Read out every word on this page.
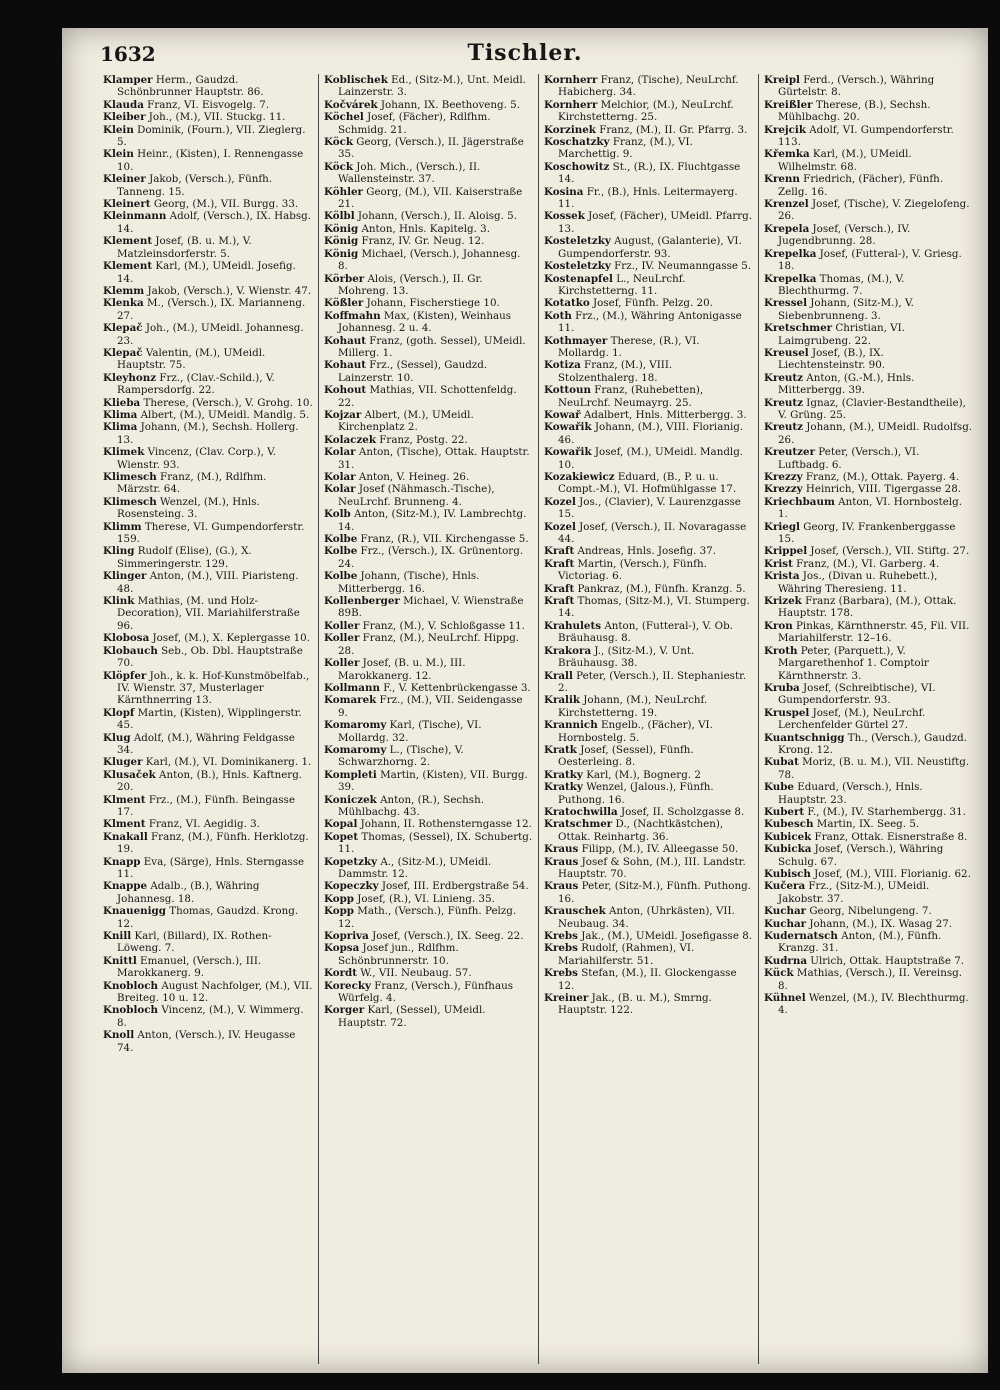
1632	Tischler.

Klamper Herm., Gaudzd. Schönbrunner Hauptstr. 86.

Klauda Franz, VI. Eisvogelg. 7.

Kleiber Joh., (M.), VII. Stuckg. 11.

Klein Dominik, (Fourn.), VII. Zieglerg. 5.

Klein Heinr., (Kisten), I. Rennengasse 10.

Kleiner Jakob, (Versch.), Fünfh. Tanneng. 15.

Kleinert Georg, (M.), VII. Burgg. 33.

Kleinmann Adolf, (Versch.), IX. Habsg. 14.

Klement Josef, (B. u. M.), V. Matzleinsdorferstr. 5.

Klement Karl, (M.), UMeidl. Josefig. 14.

Klemm Jakob, (Versch.), V. Wienstr. 47.

Klenka M., (Versch.), IX. Marianneng. 27.

Klepač Joh., (M.), UMeidl. Johannesg. 23.

Klepač Valentin, (M.), UMeidl. Hauptstr. 75.

Kleyhonz Frz., (Clav.-Schild.), V. Rampersdorfg. 22.

Klieba Therese, (Versch.), V. Grohg. 10.

Klima Albert, (M.), UMeidl. Mandlg. 5.

Klima Johann, (M.), Sechsh. Hollerg. 13.

Klimek Vincenz, (Clav. Corp.), V. Wienstr. 93.

Klimesch Franz, (M.), Rdlfhm. Märzstr. 64.

Klimesch Wenzel, (M.), Hnls. Rosensteing. 3.

Klimm Therese, VI. Gumpendorferstr. 159.

Kling Rudolf (Elise), (G.), X. Simmeringerstr. 129.

Klinger Anton, (M.), VIII. Piaristeng. 48.

Klink Mathias, (M. und Holz-Decoration), VII. Mariahilferstraße 96.

Klobosa Josef, (M.), X. Keplergasse 10.

Klobauch Seb., Ob. Dbl. Hauptstraße 70.

Klöpfer Joh., k. k. Hof-Kunstmöbelfab., IV. Wienstr. 37, Musterlager Kärnthnerring 13.

Klopf Martin, (Kisten), Wipplingerstr. 45.

Klug Adolf, (M.), Währing Feldgasse 34.

Kluger Karl, (M.), VI. Dominikanerg. 1.

Klusaček Anton, (B.), Hnls. Kaftnerg. 20.

Klment Frz., (M.), Fünfh. Beingasse 17.

Klment Franz, VI. Aegidig. 3.

Knakall Franz, (M.), Fünfh. Herklotzg. 19.

Knapp Eva, (Särge), Hnls. Sterngasse 11.

Knappe Adalb., (B.), Währing Johannesg. 18.

Knauenigg Thomas, Gaudzd. Krong. 12.

Knill Karl, (Billard), IX. Rothen-Löweng. 7.

Knittl Emanuel, (Versch.), III. Marokkanerg. 9.

Knobloch August Nachfolger, (M.), VII. Breiteg. 10 u. 12.

Knobloch Vincenz, (M.), V. Wimmerg. 8.

Knoll Anton, (Versch.), IV. Heugasse 74.

Koblischek Ed., (Sitz-M.), Unt. Meidl. Lainzerstr. 3.

Kočvárek Johann, IX. Beethoveng. 5.

Köchel Josef, (Fächer), Rdlfhm. Schmidg. 21.

Köck Georg, (Versch.), II. Jägerstraße 35.

Köck Joh. Mich., (Versch.), II. Wallensteinstr. 37.

Köhler Georg, (M.), VII. Kaiserstraße 21.

Kölbl Johann, (Versch.), II. Aloisg. 5.

König Anton, Hnls. Kapitelg. 3.

König Franz, IV. Gr. Neug. 12.

König Michael, (Versch.), Johannesg. 8.

Körber Alois, (Versch.), II. Gr. Mohreng. 13.

Kößler Johann, Fischerstiege 10.

Koffmahn Max, (Kisten), Weinhaus Johannesg. 2 u. 4.

Kohaut Franz, (goth. Sessel), UMeidl. Millerg. 1.

Kohaut Frz., (Sessel), Gaudzd. Lainzerstr. 10.

Kohout Mathias, VII. Schottenfeldg. 22.

Kojzar Albert, (M.), UMeidl. Kirchenplatz 2.

Kolaczek Franz, Postg. 22.

Kolar Anton, (Tische), Ottak. Hauptstr. 31.

Kolar Anton, V. Heineg. 26.

Kolar Josef (Nähmasch.-Tische), NeuLrchf. Brunneng. 4.

Kolb Anton, (Sitz-M.), IV. Lambrechtg. 14.

Kolbe Franz, (R.), VII. Kirchengasse 5.

Kolbe Frz., (Versch.), IX. Grünentorg. 24.

Kolbe Johann, (Tische), Hnls. Mitterbergg. 16.

Kollenberger Michael, V. Wienstraße 89B.

Koller Franz, (M.), V. Schloßgasse 11.

Koller Franz, (M.), NeuLrchf. Hippg. 28.

Koller Josef, (B. u. M.), III. Marokkanerg. 12.

Kollmann F., V. Kettenbrückengasse 3.

Komarek Frz., (M.), VII. Seidengasse 9.

Komaromy Karl, (Tische), VI. Mollardg. 32.

Komaromy L., (Tische), V. Schwarzhorng. 2.

Kompleti Martin, (Kisten), VII. Burgg. 39.

Koniczek Anton, (R.), Sechsh. Mühlbachg. 43.

Kopal Johann, II. Rothensterngasse 12.

Kopet Thomas, (Sessel), IX. Schubertg. 11.

Kopetzky A., (Sitz-M.), UMeidl. Dammstr. 12.

Kopeczky Josef, III. Erdbergstraße 54.

Kopp Josef, (R.), VI. Linieng. 35.

Kopp Math., (Versch.), Fünfh. Pelzg. 12.

Kopriva Josef, (Versch.), IX. Seeg. 22.

Kopsa Josef jun., Rdlfhm. Schönbrunnerstr. 10.

Kordt W., VII. Neubaug. 57.

Korecky Franz, (Versch.), Fünfhaus Würfelg. 4.

Korger Karl, (Sessel), UMeidl. Hauptstr. 72.

Kornherr Franz, (Tische), NeuLrchf. Habicherg. 34.

Kornherr Melchior, (M.), NeuLrchf. Kirchstetterng. 25.

Korzinek Franz, (M.), II. Gr. Pfarrg. 3.

Koschatzky Franz, (M.), VI. Marchettig. 9.

Koschowitz St., (R.), IX. Fluchtgasse 14.

Kosina Fr., (B.), Hnls. Leitermayerg. 11.

Kossek Josef, (Fächer), UMeidl. Pfarrg. 13.

Kosteletzky August, (Galanterie), VI. Gumpendorferstr. 93.

Kosteletzky Frz., IV. Neumanngasse 5.

Kostenapfel L., NeuLrchf. Kirchstetterng. 11.

Kotatko Josef, Fünfh. Pelzg. 20.

Koth Frz., (M.), Währing Antonigasse 11.

Kothmayer Therese, (R.), VI. Mollardg. 1.

Kotiza Franz, (M.), VIII. Stolzenthalerg. 18.

Kottoun Franz, (Ruhebetten), NeuLrchf. Neumayrg. 25.

Kowař Adalbert, Hnls. Mitterbergg. 3.

Kowařik Johann, (M.), VIII. Florianig. 46.

Kowařik Josef, (M.), UMeidl. Mandlg. 10.

Kozakiewicz Eduard, (B., P. u. u. Compt.-M.), VI. Hofmühlgasse 17.

Kozel Jos., (Clavier), V. Laurenzgasse 15.

Kozel Josef, (Versch.), II. Novaragasse 44.

Kraft Andreas, Hnls. Josefig. 37.

Kraft Martin, (Versch.), Fünfh. Victoriag. 6.

Kraft Pankraz, (M.), Fünfh. Kranzg. 5.

Kraft Thomas, (Sitz-M.), VI. Stumperg. 14.

Krahulets Anton, (Futteral-), V. Ob. Bräuhausg. 8.

Krakora J., (Sitz-M.), V. Unt. Bräuhausg. 38.

Krall Peter, (Versch.), II. Stephaniestr. 2.

Kralik Johann, (M.), NeuLrchf. Kirchstetterng. 19.

Krannich Engelb., (Fächer), VI. Hornbostelg. 5.

Kratk Josef, (Sessel), Fünfh. Oesterleing. 8.

Kratky Karl, (M.), Bognerg. 2

Kratky Wenzel, (Jalous.), Fünfh. Puthong. 16.

Kratochwilla Josef, II. Scholzgasse 8.

Kratschmer D., (Nachtkästchen), Ottak. Reinhartg. 36.

Kraus Filipp, (M.), IV. Alleegasse 50.

Kraus Josef & Sohn, (M.), III. Landstr. Hauptstr. 70.

Kraus Peter, (Sitz-M.), Fünfh. Puthong. 16.

Krauschek Anton, (Uhrkästen), VII. Neubaug. 34.

Krebs Jak., (M.), UMeidl. Josefigasse 8.

Krebs Rudolf, (Rahmen), VI. Mariahilferstr. 51.

Krebs Stefan, (M.), II. Glockengasse 12.

Kreiner Jak., (B. u. M.), Smrng. Hauptstr. 122.

Kreipl Ferd., (Versch.), Währing Gürtelstr. 8.

Kreißler Therese, (B.), Sechsh. Mühlbachg. 20.

Krejcik Adolf, VI. Gumpendorferstr. 113.

Křemka Karl, (M.), UMeidl. Wilhelmstr. 68.

Krenn Friedrich, (Fächer), Fünfh. Zellg. 16.

Krenzel Josef, (Tische), V. Ziegelofeng. 26.

Krepela Josef, (Versch.), IV. Jugendbrunng. 28.

Krepelka Josef, (Futteral-), V. Griesg. 18.

Krepelka Thomas, (M.), V. Blechthurmg. 7.

Kressel Johann, (Sitz-M.), V. Siebenbrunneng. 3.

Kretschmer Christian, VI. Laimgrubeng. 22.

Kreusel Josef, (B.), IX. Liechtensteinstr. 90.

Kreutz Anton, (G.-M.), Hnls. Mitterbergg. 39.

Kreutz Ignaz, (Clavier-Bestandtheile), V. Grüng. 25.

Kreutz Johann, (M.), UMeidl. Rudolfsg. 26.

Kreutzer Peter, (Versch.), VI. Luftbadg. 6.

Krezzy Franz, (M.), Ottak. Payerg. 4.

Krezzy Heinrich, VIII. Tigergasse 28.

Kriechbaum Anton, VI. Hornbostelg. 1.

Kriegl Georg, IV. Frankenberggasse 15.

Krippel Josef, (Versch.), VII. Stiftg. 27.

Krist Franz, (M.), VI. Garberg. 4.

Krista Jos., (Divan u. Ruhebett.), Währing Theresieng. 11.

Krizek Franz (Barbara), (M.), Ottak. Hauptstr. 178.

Kron Pinkas, Kärnthnerstr. 45, Fil. VII. Mariahilferstr. 12–16.

Kroth Peter, (Parquett.), V. Margarethenhof 1. Comptoir Kärnthnerstr. 3.

Kruba Josef, (Schreibtische), VI. Gumpendorferstr. 93.

Kruspel Josef, (M.), NeuLrchf. Lerchenfelder Gürtel 27.

Kuantschnigg Th., (Versch.), Gaudzd. Krong. 12.

Kubat Moriz, (B. u. M.), VII. Neustiftg. 78.

Kube Eduard, (Versch.), Hnls. Hauptstr. 23.

Kubert F., (M.), IV. Starhembergg. 31.

Kubesch Martin, IX. Seeg. 5.

Kubicek Franz, Ottak. Eisnerstraße 8.

Kubicka Josef, (Versch.), Währing Schulg. 67.

Kubisch Josef, (M.), VIII. Florianig. 62.

Kučera Frz., (Sitz-M.), UMeidl. Jakobstr. 37.

Kuchar Georg, Nibelungeng. 7.

Kuchar Johann, (M.), IX. Wasag 27.

Kudernatsch Anton, (M.), Fünfh. Kranzg. 31.

Kudrna Ulrich, Ottak. Hauptstraße 7.

Kück Mathias, (Versch.), II. Vereinsg. 8.

Kühnel Wenzel, (M.), IV. Blechthurmg. 4.
